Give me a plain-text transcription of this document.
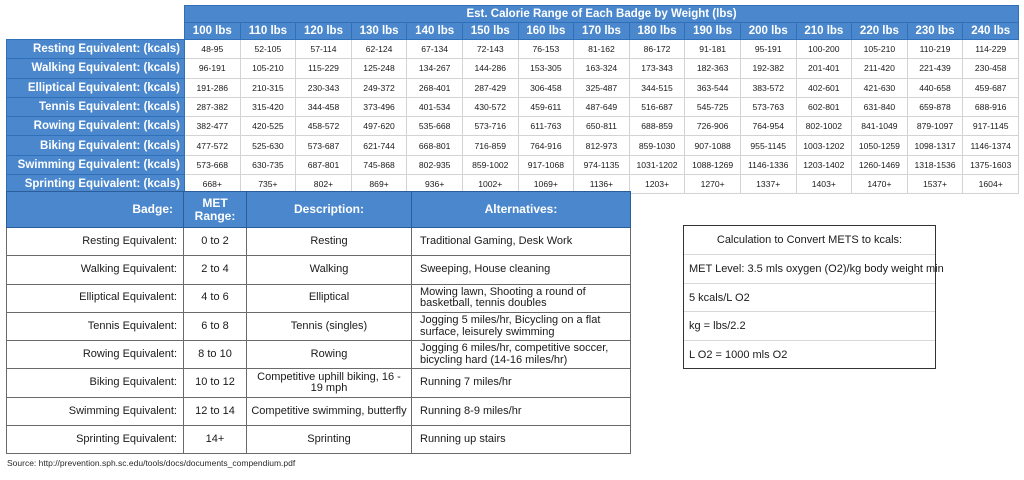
	Est. Calorie Range of Each Badge by Weight (lbs)														
	100 lbs	110 lbs	120 lbs	130 lbs	140 lbs	150 lbs	160 lbs	170 lbs	180 lbs	190 lbs	200 lbs	210 lbs	220 lbs	230 lbs	240 lbs
Resting Equivalent: (kcals)	48-95	52-105	57-114	62-124	67-134	72-143	76-153	81-162	86-172	91-181	95-191	100-200	105-210	110-219	114-229
Walking Equivalent: (kcals)	96-191	105-210	115-229	125-248	134-267	144-286	153-305	163-324	173-343	182-363	192-382	201-401	211-420	221-439	230-458
Elliptical Equivalent: (kcals)	191-286	210-315	230-343	249-372	268-401	287-429	306-458	325-487	344-515	363-544	383-572	402-601	421-630	440-658	459-687
Tennis Equivalent: (kcals)	287-382	315-420	344-458	373-496	401-534	430-572	459-611	487-649	516-687	545-725	573-763	602-801	631-840	659-878	688-916
Rowing Equivalent: (kcals)	382-477	420-525	458-572	497-620	535-668	573-716	611-763	650-811	688-859	726-906	764-954	802-1002	841-1049	879-1097	917-1145
Biking Equivalent: (kcals)	477-572	525-630	573-687	621-744	668-801	716-859	764-916	812-973	859-1030	907-1088	955-1145	1003-1202	1050-1259	1098-1317	1146-1374
Swimming Equivalent: (kcals)	573-668	630-735	687-801	745-868	802-935	859-1002	917-1068	974-1135	1031-1202	1088-1269	1146-1336	1203-1402	1260-1469	1318-1536	1375-1603
Sprinting Equivalent: (kcals)	668+	735+	802+	869+	936+	1002+	1069+	1136+	1203+	1270+	1337+	1403+	1470+	1537+	1604+
Badge:	MET Range:	Description:	Alternatives:
Resting Equivalent:	0 to 2	Resting	Traditional Gaming, Desk Work
Walking Equivalent:	2 to 4	Walking	Sweeping, House cleaning
Elliptical Equivalent:	4 to 6	Elliptical	Mowing lawn, Shooting a round of basketball, tennis doubles
Tennis Equivalent:	6 to 8	Tennis (singles)	Jogging 5 miles/hr, Bicycling on a flat surface, leisurely swimming
Rowing Equivalent:	8 to 10	Rowing	Jogging 6 miles/hr, competitive soccer, bicycling hard (14-16 miles/hr)
Biking Equivalent:	10 to 12	Competitive uphill biking, 16 - 19 mph	Running 7 miles/hr
Swimming Equivalent:	12 to 14	Competitive swimming, butterfly	Running 8-9 miles/hr
Sprinting Equivalent:	14+	Sprinting	Running up stairs
Calculation to Convert METS to kcals:
MET Level: 3.5 mls oxygen (O2)/kg body weight min
5 kcals/L O2
kg = lbs/2.2
L O2 = 1000 mls O2
Source: http://prevention.sph.sc.edu/tools/docs/documents_compendium.pdf
